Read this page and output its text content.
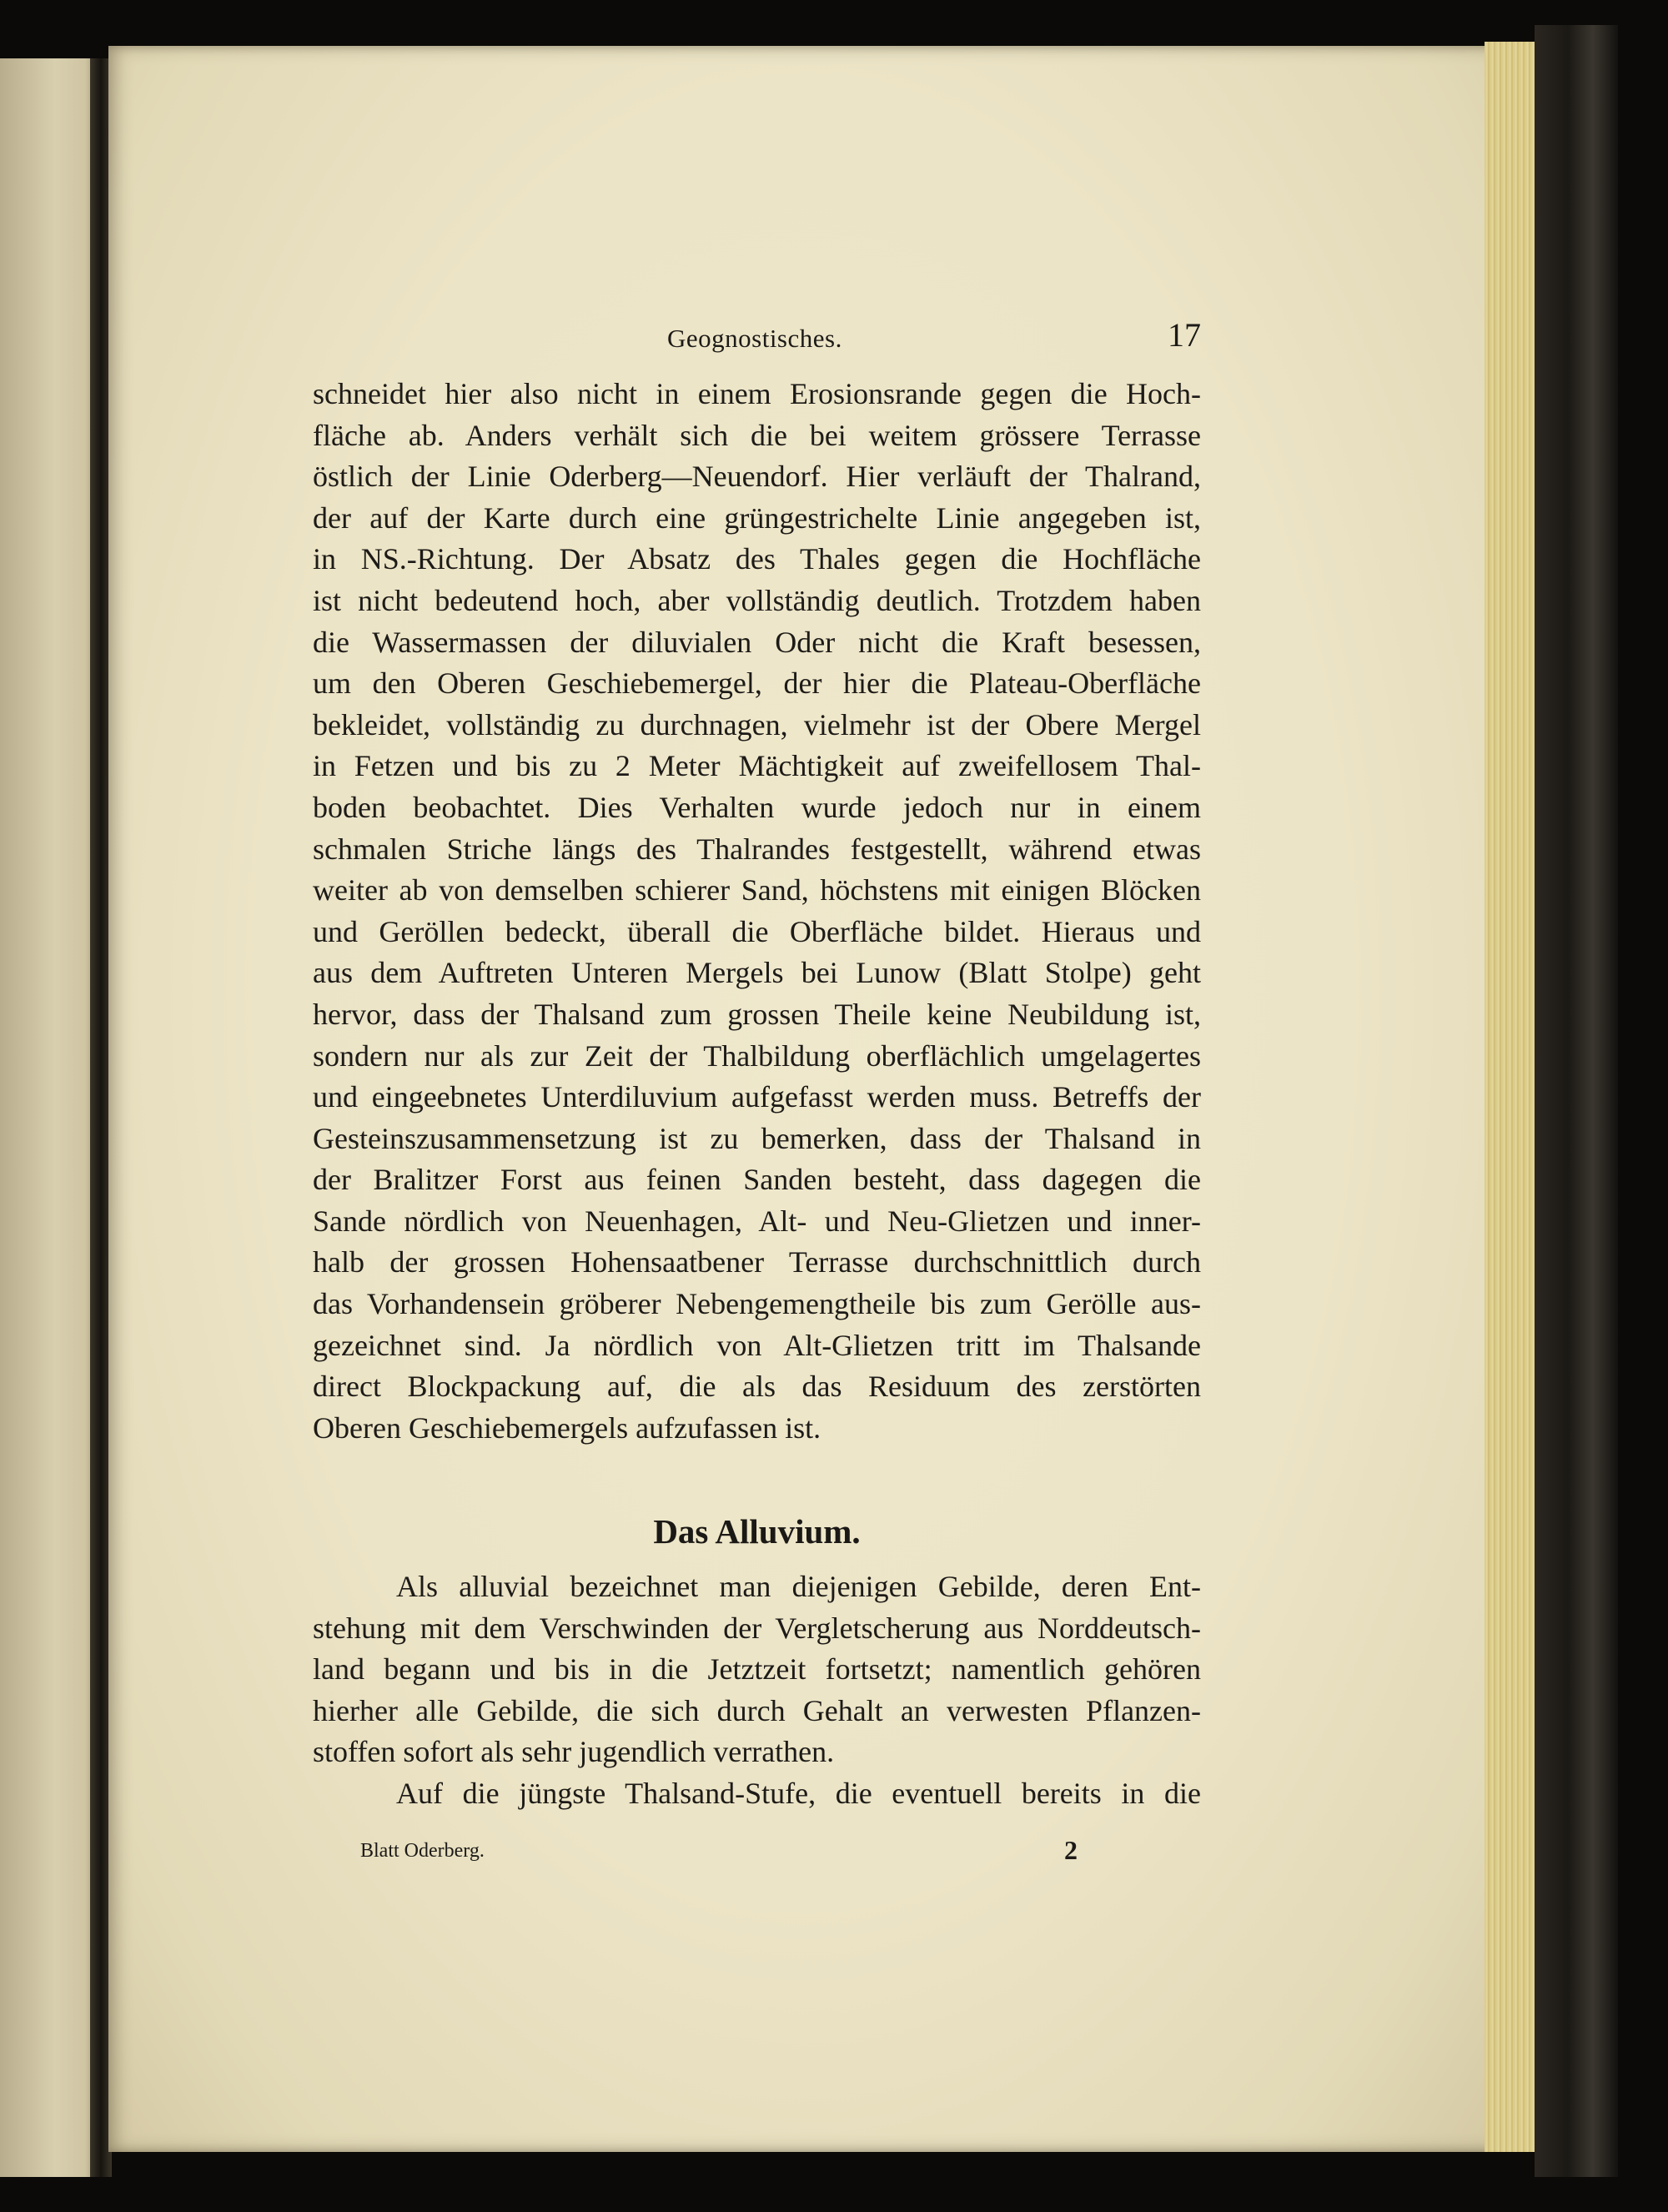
Geognostisches.	17
schneidet hier also nicht in einem Erosionsrande gegen die Hoch-
fläche ab. Anders verhält sich die bei weitem grössere Terrasse
östlich der Linie Oderberg—Neuendorf. Hier verläuft der Thalrand,
der auf der Karte durch eine grüngestrichelte Linie angegeben ist,
in NS.-Richtung. Der Absatz des Thales gegen die Hochfläche
ist nicht bedeutend hoch, aber vollständig deutlich. Trotzdem haben
die Wassermassen der diluvialen Oder nicht die Kraft besessen,
um den Oberen Geschiebemergel, der hier die Plateau-Oberfläche
bekleidet, vollständig zu durchnagen, vielmehr ist der Obere Mergel
in Fetzen und bis zu 2 Meter Mächtigkeit auf zweifellosem Thal-
boden beobachtet. Dies Verhalten wurde jedoch nur in einem
schmalen Striche längs des Thalrandes festgestellt, während etwas
weiter ab von demselben schierer Sand, höchstens mit einigen Blöcken
und Geröllen bedeckt, überall die Oberfläche bildet. Hieraus und
aus dem Auftreten Unteren Mergels bei Lunow (Blatt Stolpe) geht
hervor, dass der Thalsand zum grossen Theile keine Neubildung ist,
sondern nur als zur Zeit der Thalbildung oberflächlich umgelagertes
und eingeebnetes Unterdiluvium aufgefasst werden muss. Betreffs der
Gesteinszusammensetzung ist zu bemerken, dass der Thalsand in
der Bralitzer Forst aus feinen Sanden besteht, dass dagegen die
Sande nördlich von Neuenhagen, Alt- und Neu-Glietzen und inner-
halb der grossen Hohensaatbener Terrasse durchschnittlich durch
das Vorhandensein gröberer Nebengemengtheile bis zum Gerölle aus-
gezeichnet sind. Ja nördlich von Alt-Glietzen tritt im Thalsande
direct Blockpackung auf, die als das Residuum des zerstörten
Oberen Geschiebemergels aufzufassen ist.
Das Alluvium.
Als alluvial bezeichnet man diejenigen Gebilde, deren Ent-
stehung mit dem Verschwinden der Vergletscherung aus Norddeutsch-
land begann und bis in die Jetztzeit fortsetzt; namentlich gehören
hierher alle Gebilde, die sich durch Gehalt an verwesten Pflanzen-
stoffen sofort als sehr jugendlich verrathen.
Auf die jüngste Thalsand-Stufe, die eventuell bereits in die
Blatt Oderberg.	2
